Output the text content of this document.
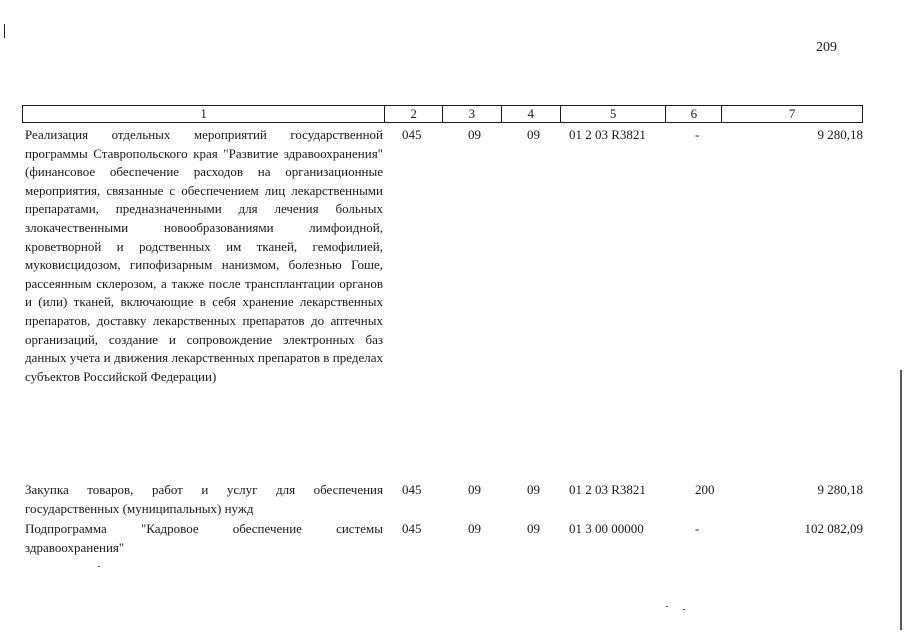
209
1	2	3	4	5	6	7
Реализация отдельных мероприятий государственной программы Ставропольского края "Развитие здравоохранения" (финансовое обеспечение расходов на организационные мероприятия, связанные с обеспечением лиц лекарственными препаратами, предназначенными для лечения больных злокачественными новообразованиями лимфоидной, кроветворной и родственных им тканей, гемофилией, муковисцидозом, гипофизарным нанизмом, болезнью Гоше, рассеянным склерозом, а также после трансплантации органов и (или) тканей, включающие в себя хранение лекарственных препаратов, доставку лекарственных препаратов до аптечных организаций, создание и сопровождение электронных баз данных учета и движения лекарственных препаратов в пределах субъектов Российской Федерации)
045	09	09 01 2 03 R3821	-	9 280,18
Закупка товаров, работ и услуг для обеспечения государственных (муниципальных) нужд
045	09	09 01 2 03 R3821	200	9 280,18
Подпрограмма "Кадровое обеспечение системы здравоохранения"
045	09	09 01 3 00 00000	-	102 082,09
